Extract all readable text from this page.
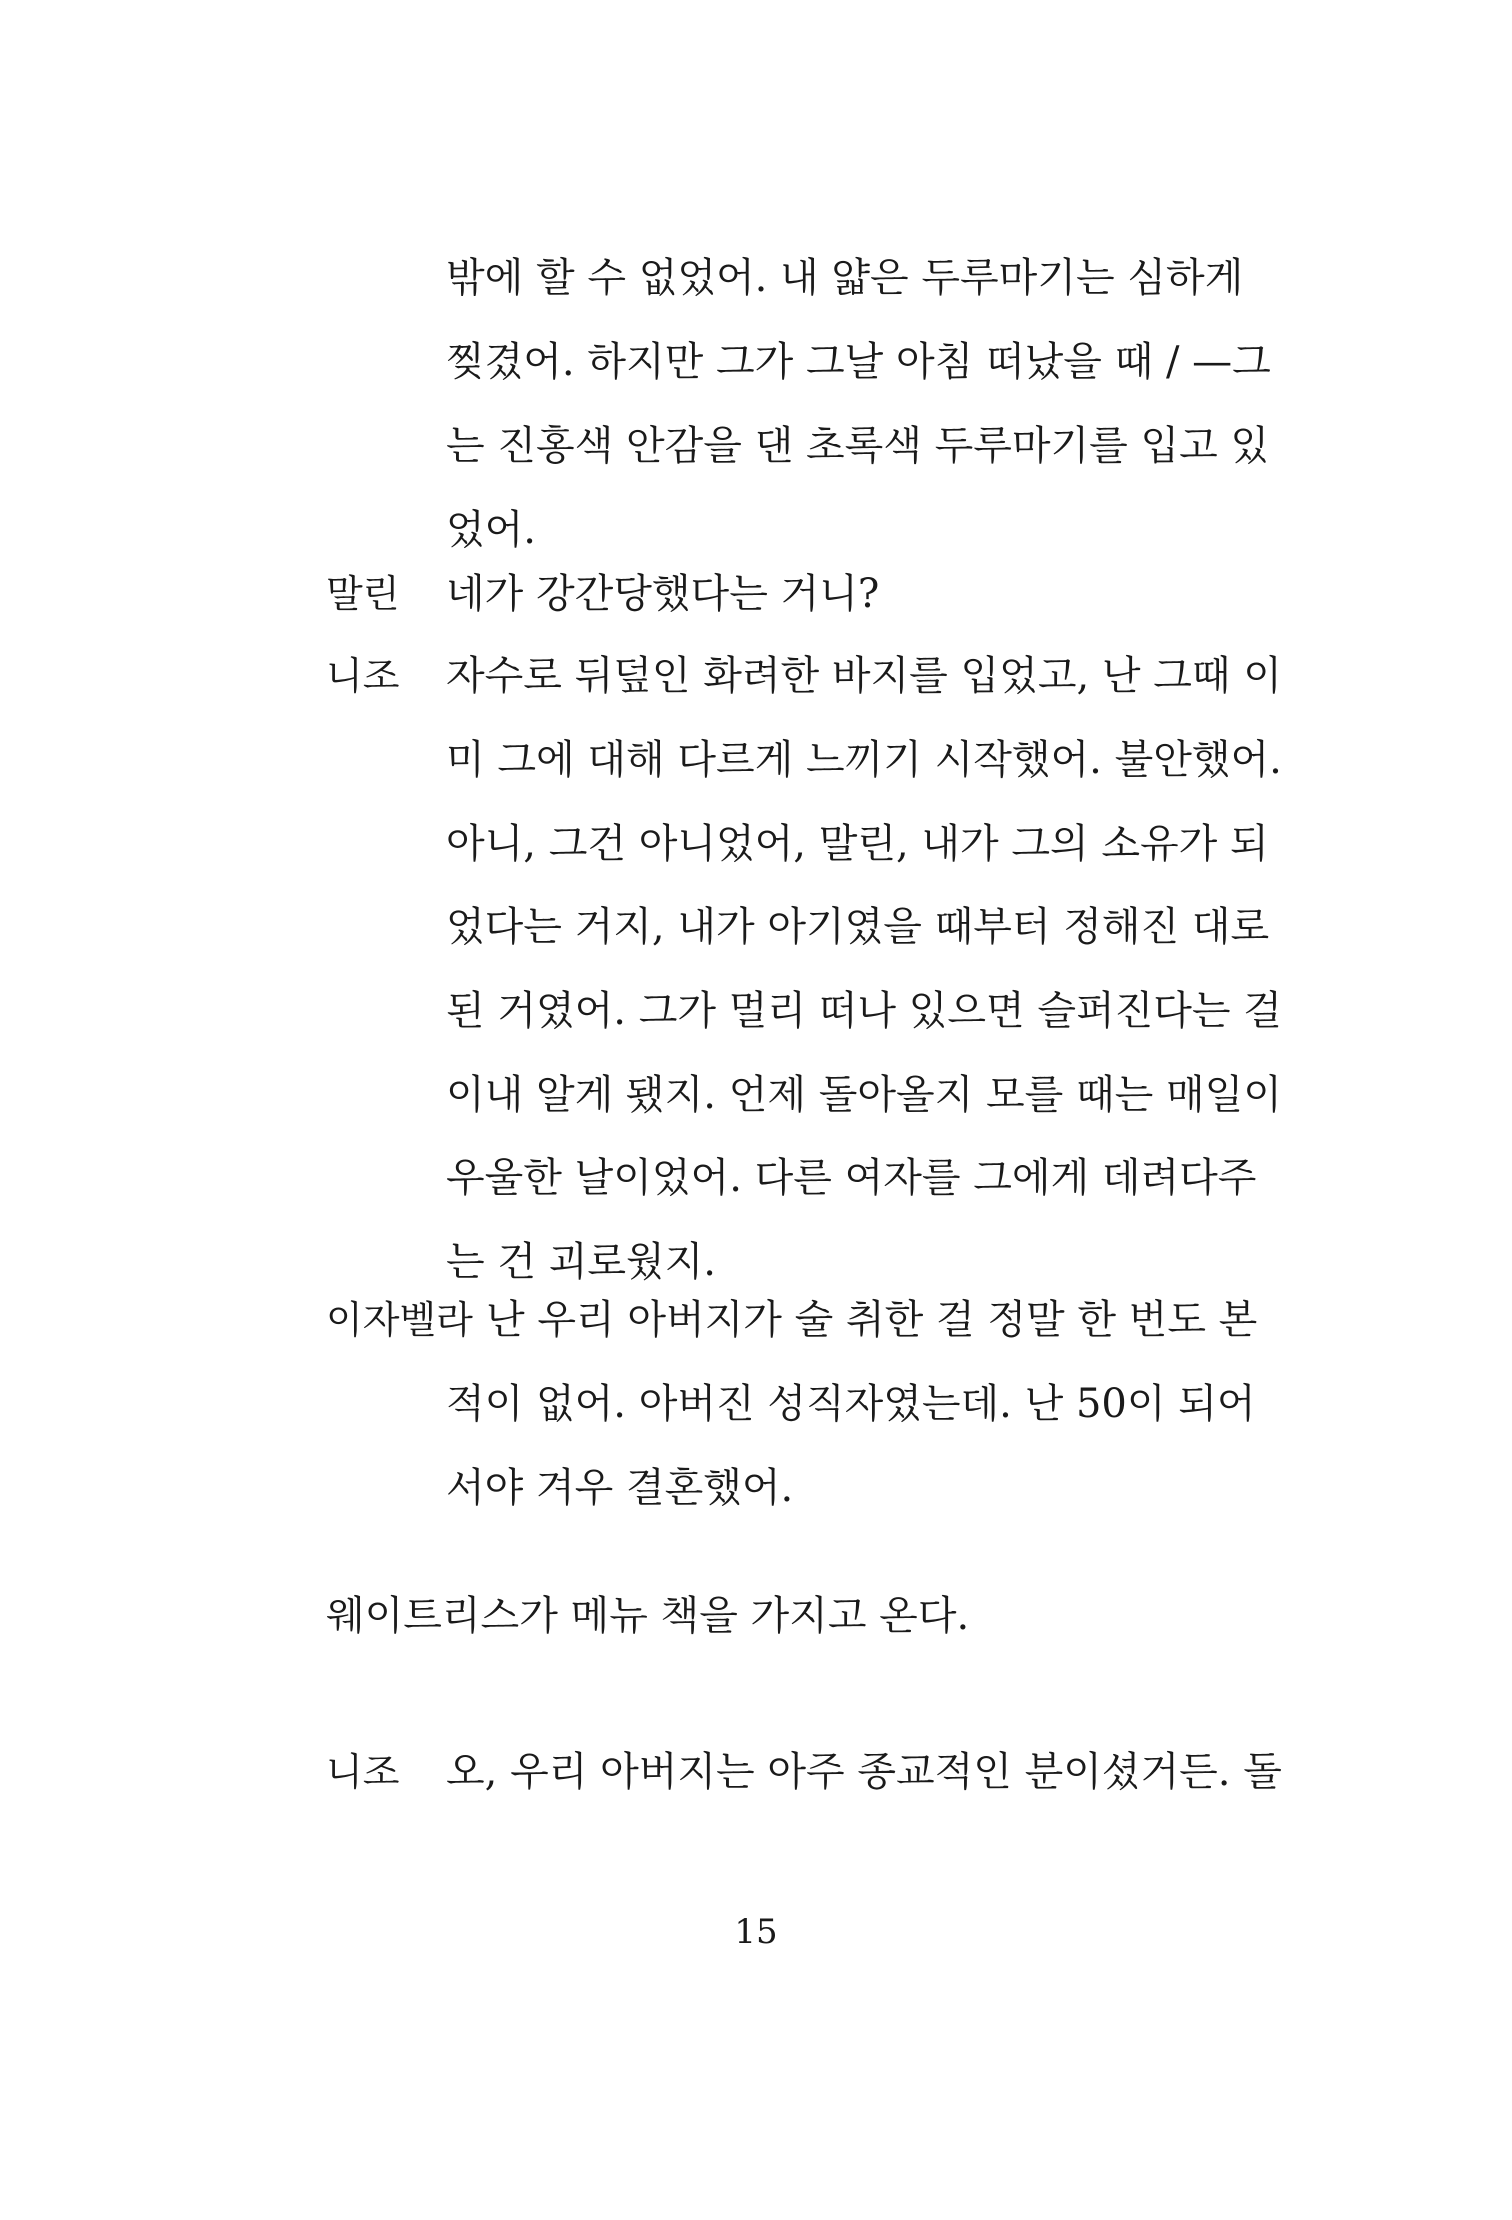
밖에 할 수 없었어. 내 얇은 두루마기는 심하게
찢겼어. 하지만 그가 그날 아침 떠났을 때 / —그
는 진홍색 안감을 댄 초록색 두루마기를 입고 있
었어.
말린 네가 강간당했다는 거니?
니조 자수로 뒤덮인 화려한 바지를 입었고, 난 그때 이
미 그에 대해 다르게 느끼기 시작했어. 불안했어.
아니, 그건 아니었어, 말린, 내가 그의 소유가 되
었다는 거지, 내가 아기였을 때부터 정해진 대로
된 거였어. 그가 멀리 떠나 있으면 슬퍼진다는 걸
이내 알게 됐지. 언제 돌아올지 모를 때는 매일이
우울한 날이었어. 다른 여자를 그에게 데려다주
는 건 괴로웠지.
이자벨라 난 우리 아버지가 술 취한 걸 정말 한 번도 본
적이 없어. 아버진 성직자였는데. 난 50이 되어
서야 겨우 결혼했어.
웨이트리스가 메뉴 책을 가지고 온다.
니조 오, 우리 아버지는 아주 종교적인 분이셨거든. 돌
15
